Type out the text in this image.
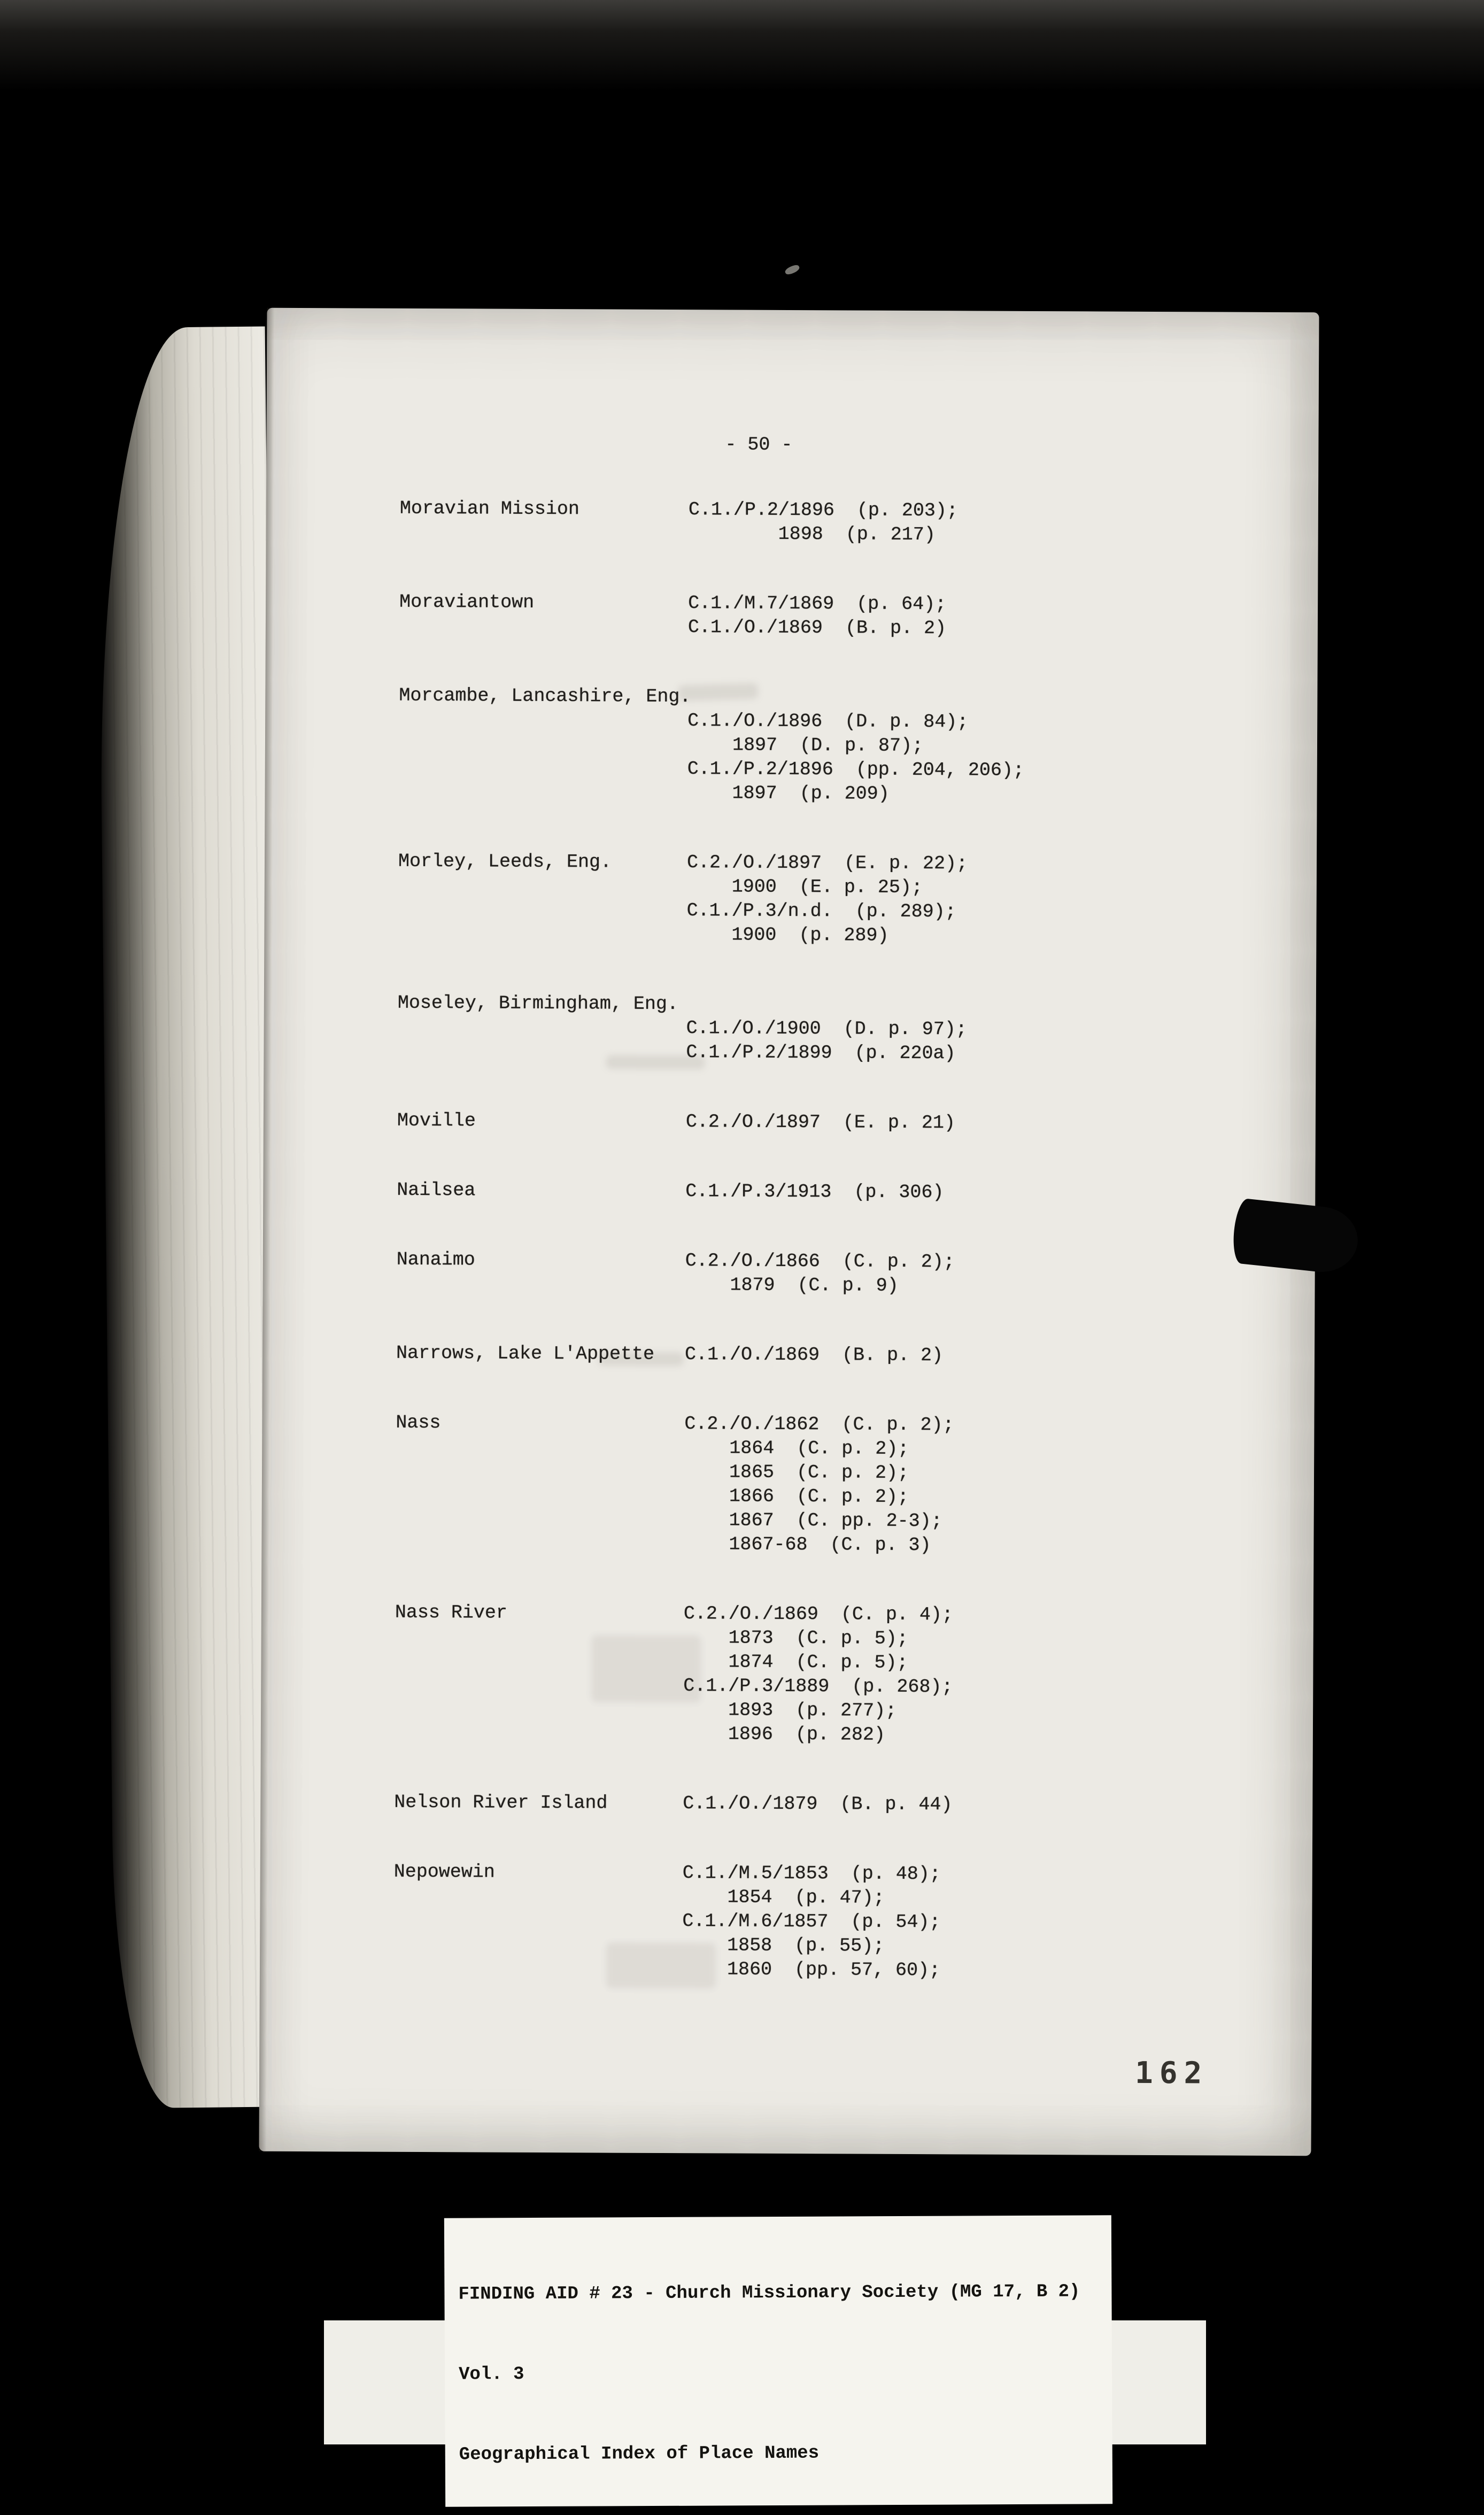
- 50 -
Moravian Mission	C.1./P.2/1896  (p. 203);
1898  (p. 217)
Moraviantown	C.1./M.7/1869  (p. 64);
C.1./O./1869  (B. p. 2)
Morcambe, Lancashire, Eng.
C.1./O./1896  (D. p. 84);
1897  (D. p. 87);
C.1./P.2/1896  (pp. 204, 206);
1897  (p. 209)
Morley, Leeds, Eng.	C.2./O./1897  (E. p. 22);
1900  (E. p. 25);
C.1./P.3/n.d.  (p. 289);
1900  (p. 289)
Moseley, Birmingham, Eng.
C.1./O./1900  (D. p. 97);
C.1./P.2/1899  (p. 220a)
Moville	C.2./O./1897  (E. p. 21)
Nailsea	C.1./P.3/1913  (p. 306)
Nanaimo	C.2./O./1866  (C. p. 2);
1879  (C. p. 9)
Narrows, Lake L'Appette C.1./O./1869  (B. p. 2)
Nass	C.2./O./1862  (C. p. 2);
1864  (C. p. 2);
1865  (C. p. 2);
1866  (C. p. 2);
1867  (C. pp. 2-3);
1867-68  (C. p. 3)
Nass River	C.2./O./1869  (C. p. 4);
1873  (C. p. 5);
1874  (C. p. 5);
C.1./P.3/1889  (p. 268);
1893  (p. 277);
1896  (p. 282)
Nelson River Island	C.1./O./1879  (B. p. 44)
Nepowewin	C.1./M.5/1853  (p. 48);
1854  (p. 47);
C.1./M.6/1857  (p. 54);
1858  (p. 55);
1860  (pp. 57, 60);
162

FINDING AID # 23 - Church Missionary Society (MG 17, B 2)

Vol. 3

Geographical Index of Place Names
